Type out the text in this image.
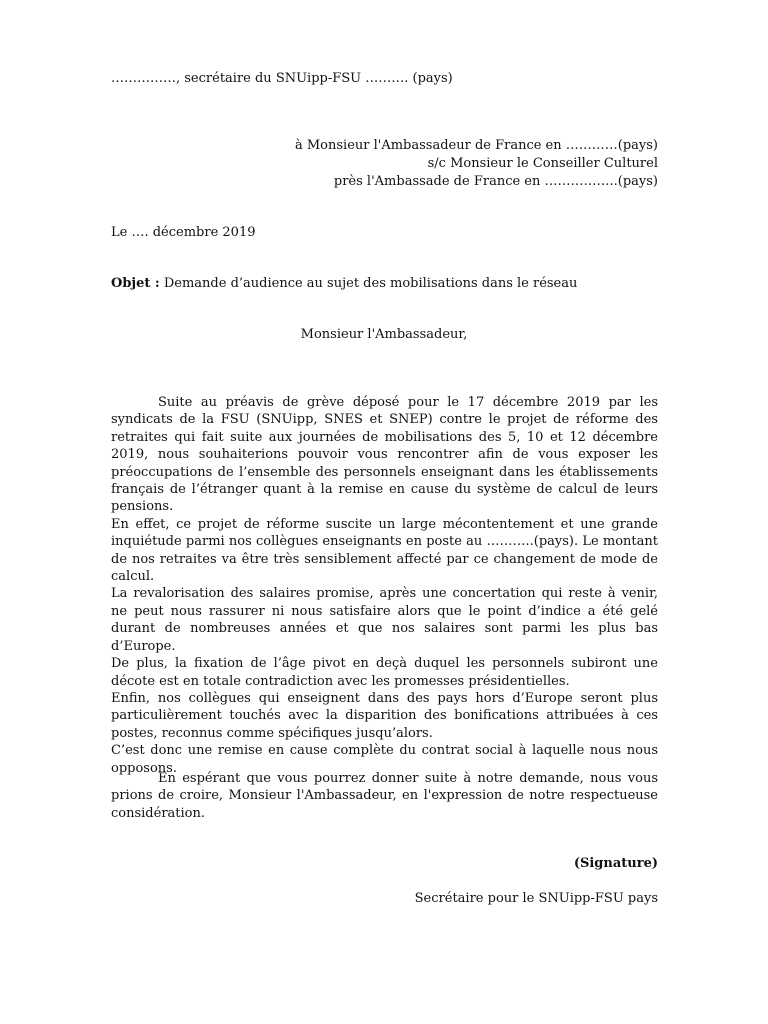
……………, secrétaire du SNUipp-FSU ………. (pays)
à Monsieur l'Ambassadeur de France en …………(pays)
s/c Monsieur le Conseiller Culturel
près l'Ambassade de France en ……………..(pays)
Le …. décembre 2019
Objet : Demande d’audience au sujet des mobilisations dans le réseau
Monsieur l'Ambassadeur,

Suite au préavis de grève déposé pour le 17 décembre 2019 par les syndicats de la FSU (SNUipp, SNES et SNEP) contre le projet de réforme des retraites qui fait suite aux journées de mobilisations des 5, 10 et 12 décembre 2019, nous souhaiterions pouvoir vous rencontrer afin de vous exposer les préoccupations de l’ensemble des personnels enseignant dans les établissements français de l’étranger quant à la remise en cause du système de calcul de leurs pensions.

En effet, ce projet de réforme suscite un large mécontentement et une grande inquiétude parmi nos collègues enseignants en poste au ………..(pays). Le montant de nos retraites va être très sensiblement affecté par ce changement de mode de calcul.

La revalorisation des salaires promise, après une concertation qui reste à venir, ne peut nous rassurer ni nous satisfaire alors que le point d’indice a été gelé durant de nombreuses années et que nos salaires sont parmi les plus bas d’Europe.

De plus, la fixation de l’âge pivot en deçà duquel les personnels subiront une décote est en totale contradiction avec les promesses présidentielles.

Enfin, nos collègues qui enseignent dans des pays hors d’Europe seront plus particulièrement touchés avec la disparition des bonifications attribuées à ces postes, reconnus comme spécifiques jusqu’alors.

C’est donc une remise en cause complète du contrat social à laquelle nous nous opposons.

En espérant que vous pourrez donner suite à notre demande, nous vous prions de croire, Monsieur l'Ambassadeur, en l'expression de notre respectueuse considération.

(Signature)
Secrétaire pour le SNUipp-FSU pays
